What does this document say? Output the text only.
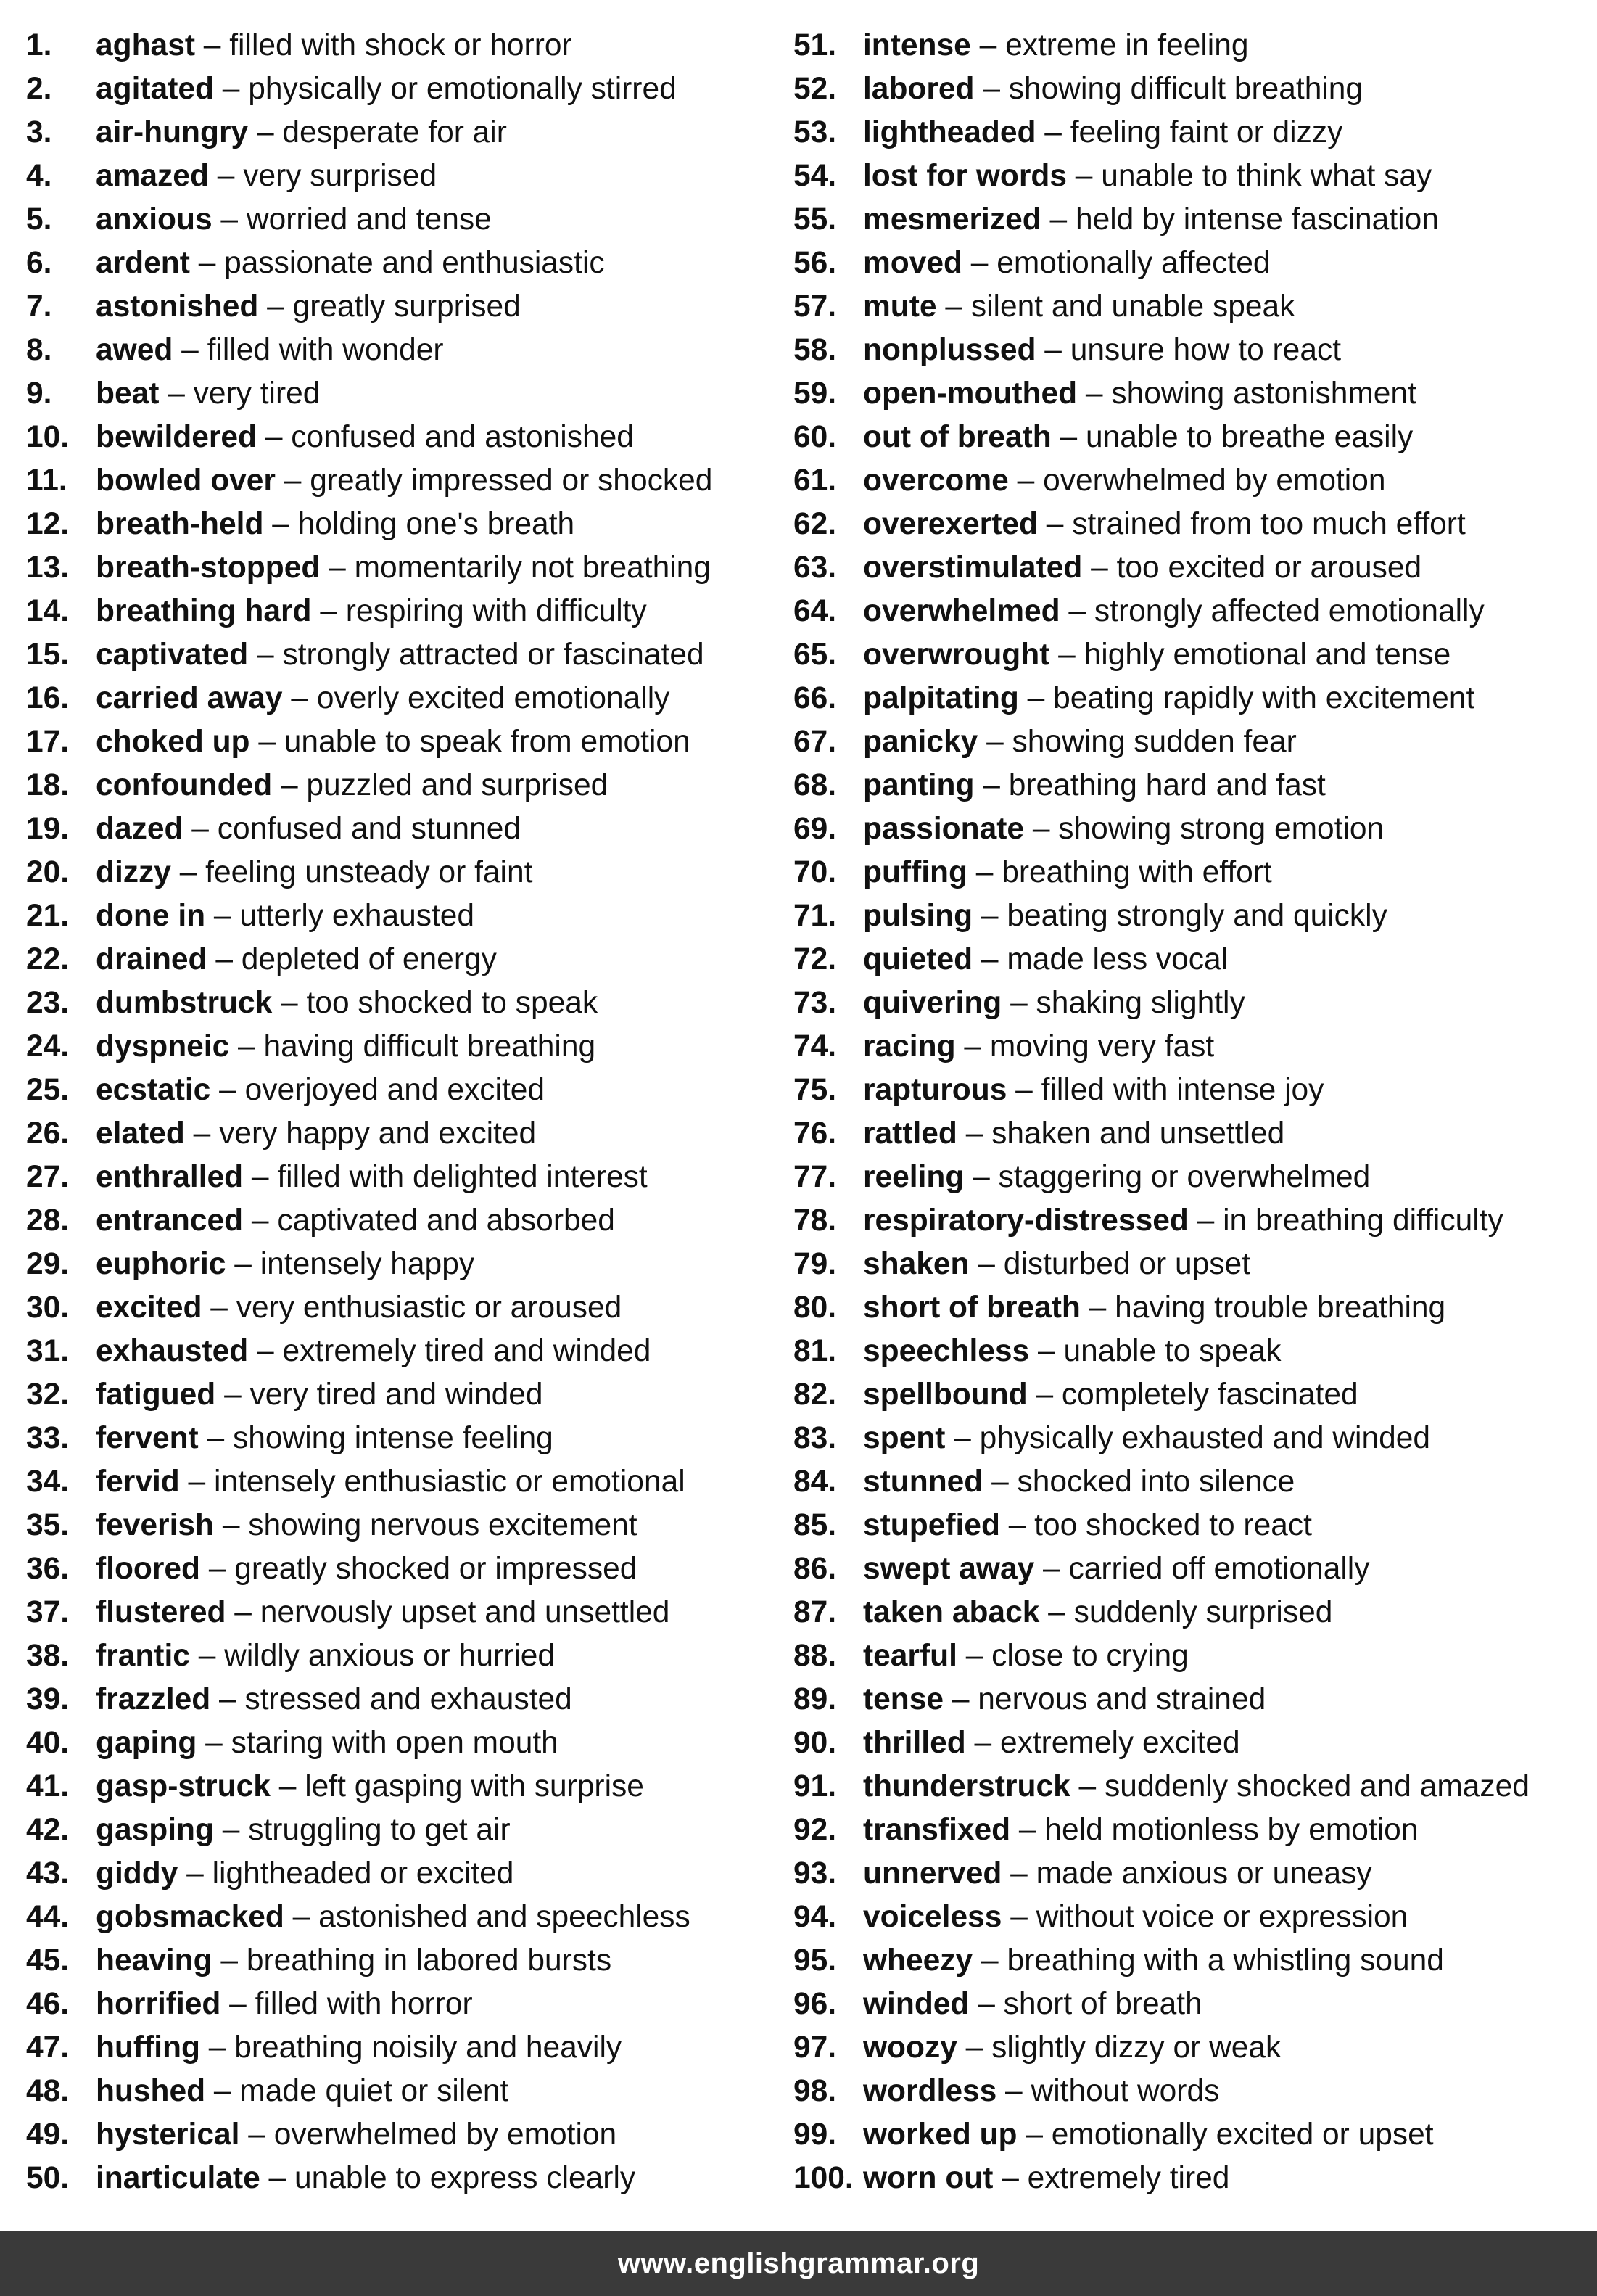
1.	aghast – filled with shock or horror
2.	agitated – physically or emotionally stirred
3.	air-hungry – desperate for air
4.	amazed – very surprised
5.	anxious – worried and tense
6.	ardent – passionate and enthusiastic
7.	astonished – greatly surprised
8.	awed – filled with wonder
9.	beat – very tired
10. bewildered – confused and astonished
11. bowled over – greatly impressed or shocked
12. breath-held – holding one's breath
13. breath-stopped – momentarily not breathing
14. breathing hard – respiring with difficulty
15. captivated – strongly attracted or fascinated
16. carried away – overly excited emotionally
17. choked up – unable to speak from emotion
18. confounded – puzzled and surprised
19. dazed – confused and stunned
20. dizzy – feeling unsteady or faint
21. done in – utterly exhausted
22. drained – depleted of energy
23. dumbstruck – too shocked to speak
24. dyspneic – having difficult breathing
25. ecstatic – overjoyed and excited
26. elated – very happy and excited
27. enthralled – filled with delighted interest
28. entranced – captivated and absorbed
29. euphoric – intensely happy
30. excited – very enthusiastic or aroused
31. exhausted – extremely tired and winded
32. fatigued – very tired and winded
33. fervent – showing intense feeling
34. fervid – intensely enthusiastic or emotional
35. feverish – showing nervous excitement
36. floored – greatly shocked or impressed
37. flustered – nervously upset and unsettled
38. frantic – wildly anxious or hurried
39. frazzled – stressed and exhausted
40. gaping – staring with open mouth
41. gasp-struck – left gasping with surprise
42. gasping – struggling to get air
43. giddy – lightheaded or excited
44. gobsmacked – astonished and speechless
45. heaving – breathing in labored bursts
46. horrified – filled with horror
47. huffing – breathing noisily and heavily
48. hushed – made quiet or silent
49. hysterical – overwhelmed by emotion
50. inarticulate – unable to express clearly
51. intense – extreme in feeling
52. labored – showing difficult breathing
53. lightheaded – feeling faint or dizzy
54. lost for words – unable to think what say
55. mesmerized – held by intense fascination
56. moved – emotionally affected
57. mute – silent and unable speak
58. nonplussed – unsure how to react
59. open-mouthed – showing astonishment
60. out of breath – unable to breathe easily
61. overcome – overwhelmed by emotion
62. overexerted – strained from too much effort
63. overstimulated – too excited or aroused
64. overwhelmed – strongly affected emotionally
65. overwrought – highly emotional and tense
66. palpitating – beating rapidly with excitement
67. panicky – showing sudden fear
68. panting – breathing hard and fast
69. passionate – showing strong emotion
70. puffing – breathing with effort
71. pulsing – beating strongly and quickly
72. quieted – made less vocal
73. quivering – shaking slightly
74. racing – moving very fast
75. rapturous – filled with intense joy
76. rattled – shaken and unsettled
77. reeling – staggering or overwhelmed
78. respiratory-distressed – in breathing difficulty
79. shaken – disturbed or upset
80. short of breath – having trouble breathing
81. speechless – unable to speak
82. spellbound – completely fascinated
83. spent – physically exhausted and winded
84. stunned – shocked into silence
85. stupefied – too shocked to react
86. swept away – carried off emotionally
87. taken aback – suddenly surprised
88. tearful – close to crying
89. tense – nervous and strained
90. thrilled – extremely excited
91. thunderstruck – suddenly shocked and amazed
92. transfixed – held motionless by emotion
93. unnerved – made anxious or uneasy
94. voiceless – without voice or expression
95. wheezy – breathing with a whistling sound
96. winded – short of breath
97. woozy – slightly dizzy or weak
98. wordless – without words
99. worked up – emotionally excited or upset
100. worn out – extremely tired
www.englishgrammar.org
